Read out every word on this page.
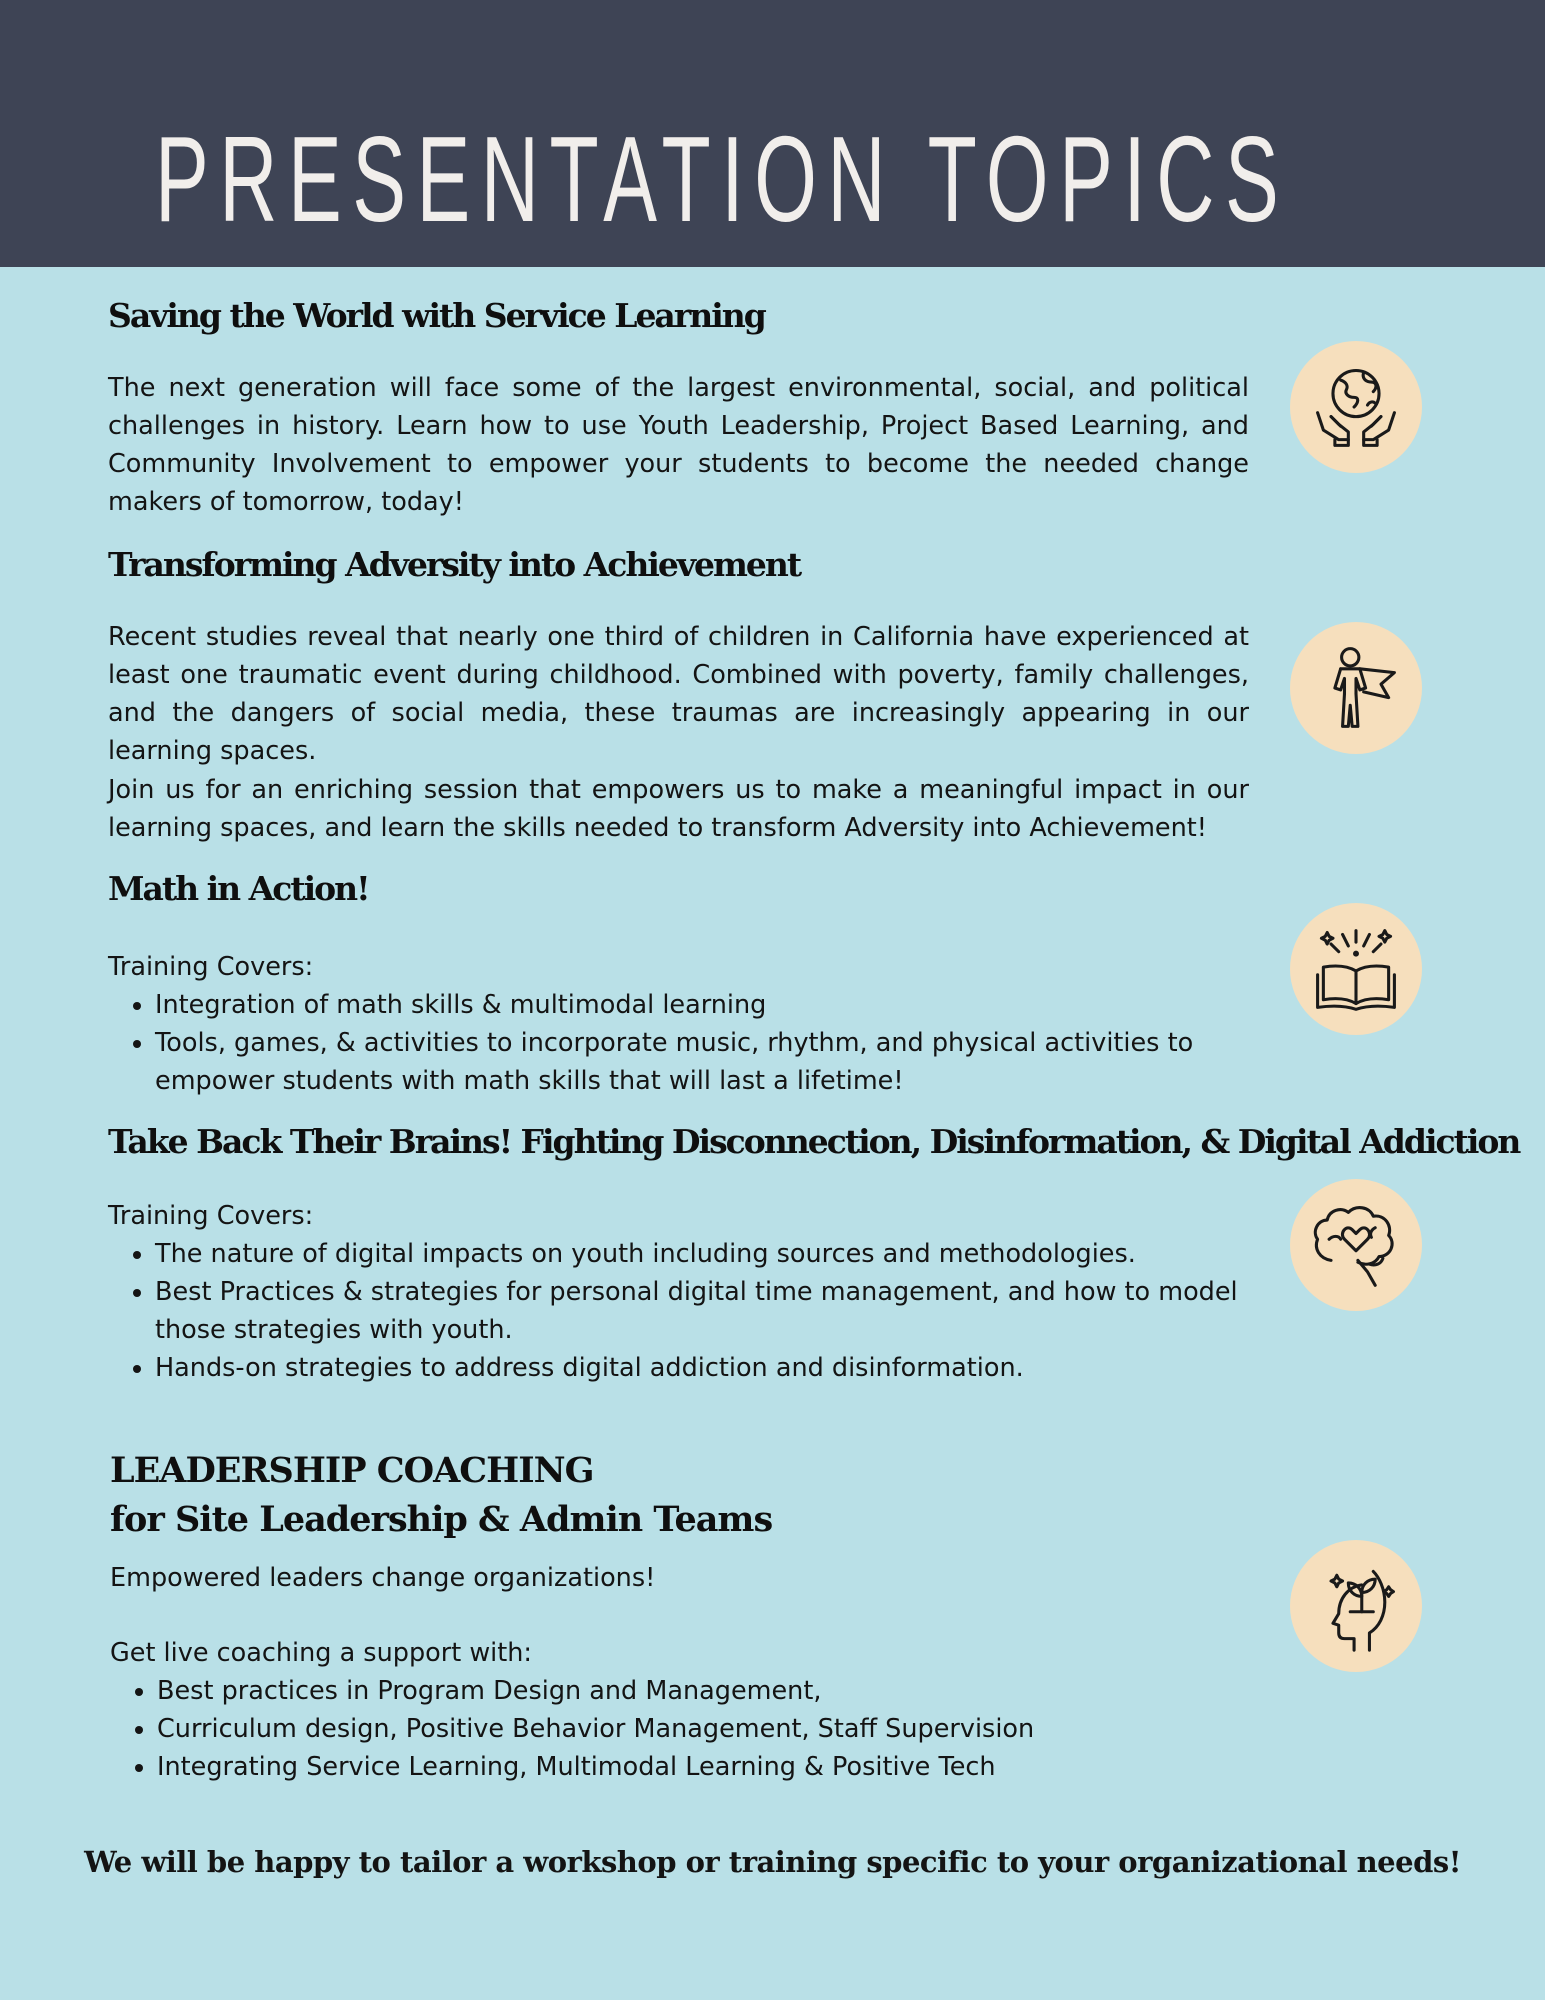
PRESENTATION TOPICS
Saving the World with Service Learning

The next generation will face some of the largest environmental, social, and political challenges in history. Learn how to use Youth Leadership, Project Based Learning, and Community Involvement to empower your students to become the needed change makers of tomorrow, today!

Transforming Adversity into Achievement

Recent studies reveal that nearly one third of children in California have experienced at least one traumatic event during childhood. Combined with poverty, family challenges, and the dangers of social media, these traumas are increasingly appearing in our learning spaces.

Join us for an enriching session that empowers us to make a meaningful impact in our learning spaces, and learn the skills needed to transform Adversity into Achievement!

Math in Action!

Training Covers:

• Integration of math skills & multimodal learning
• Tools, games, & activities to incorporate music, rhythm, and physical activities to empower students with math skills that will last a lifetime!
Take Back Their Brains! Fighting Disconnection, Disinformation, & Digital Addiction

Training Covers:

• The nature of digital impacts on youth including sources and methodologies.
• Best Practices & strategies for personal digital time management, and how to model those strategies with youth.
• Hands-on strategies to address digital addiction and disinformation.
LEADERSHIP COACHING
for Site Leadership & Admin Teams

Empowered leaders change organizations!

Get live coaching a support with:

• Best practices in Program Design and Management,
• Curriculum design, Positive Behavior Management, Staff Supervision
• Integrating Service Learning, Multimodal Learning & Positive Tech

We will be happy to tailor a workshop or training specific to your organizational needs!
